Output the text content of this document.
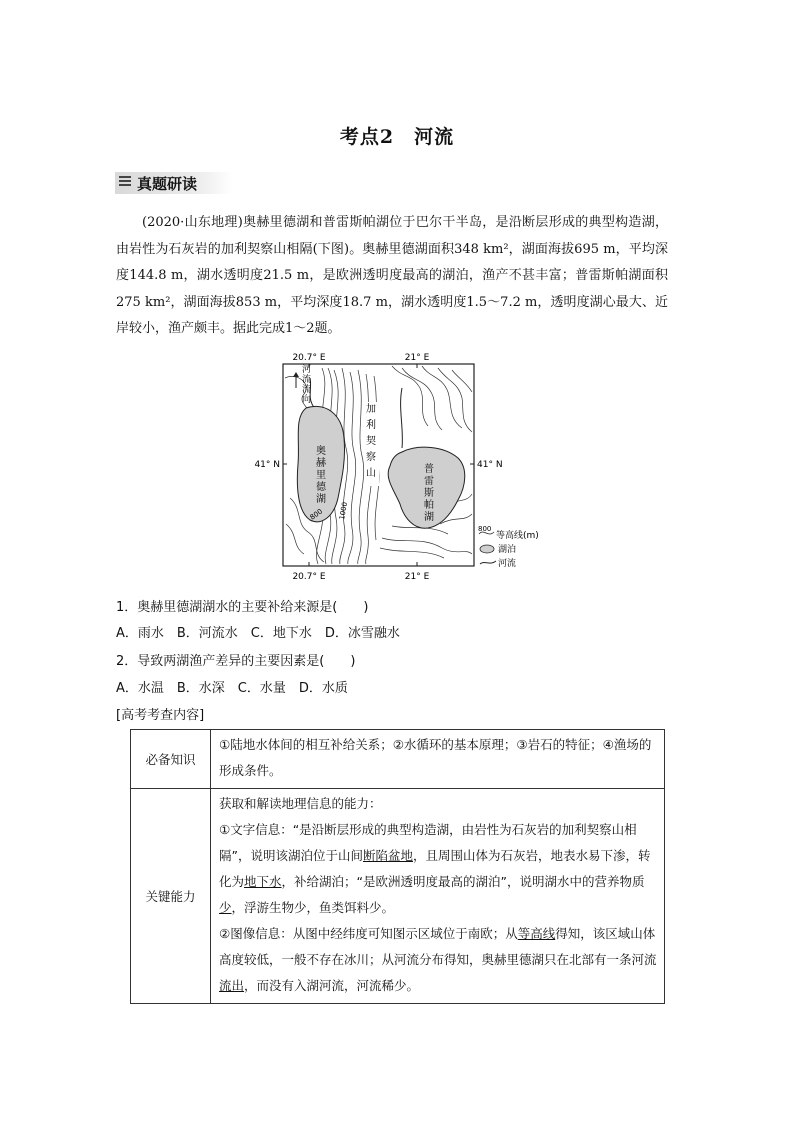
考点2　河流
真题研读
(2020·山东地理)奥赫里德湖和普雷斯帕湖位于巴尔干半岛，是沿断层形成的典型构造湖，由岩性为石灰岩的加利契察山相隔(下图)。奥赫里德湖面积348 km²，湖面海拔695 m，平均深度144.8 m，湖水透明度21.5 m，是欧洲透明度最高的湖泊，渔产不甚丰富；普雷斯帕湖面积275 km²，湖面海拔853 m，平均深度18.7 m，湖水透明度1.5～7.2 m，透明度湖心最大、近岸较小，渔产颇丰。据此完成1～2题。
20.7° E	21° E
20.7° E	21° E
41° N	41° N
河
流
流
向
奥
赫
里
德
湖
加
利
契
察
山	普
雷
斯
帕
湖
800 1000
800
等高线(m)
湖泊
河流
1．奥赫里德湖湖水的主要补给来源是(　　)
A．雨水　B．河流水　C．地下水　D．冰雪融水
2．导致两湖渔产差异的主要因素是(　　)
A．水温　B．水深　C．水量　D．水质
[高考考查内容]
必备知识	①陆地水体间的相互补给关系；②水循环的基本原理；③岩石的特征；④渔场的形成条件。
关键能力	获取和解读地理信息的能力：
①文字信息：“是沿断层形成的典型构造湖，由岩性为石灰岩的加利契察山相隔”，说明该湖泊位于山间断陷盆地，且周围山体为石灰岩，地表水易下渗，转化为地下水，补给湖泊；“是欧洲透明度最高的湖泊”，说明湖水中的营养物质少，浮游生物少，鱼类饵料少。
②图像信息：从图中经纬度可知图示区域位于南欧；从等高线得知，该区域山体高度较低，一般不存在冰川；从河流分布得知，奥赫里德湖只在北部有一条河流流出，而没有入湖河流，河流稀少。
